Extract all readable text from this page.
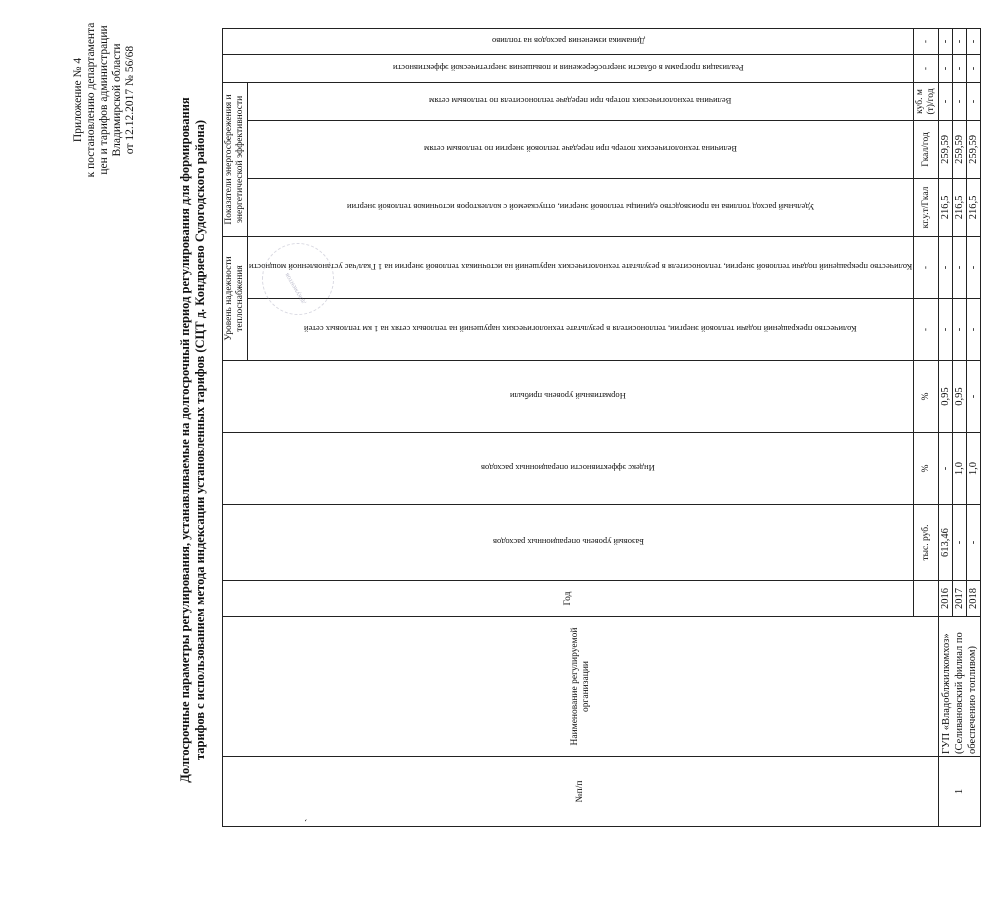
Приложение № 4 к постановлению департамента цен и тарифов администрации Владимирской области от 12.12.2017 № 56/68	Долгосрочные параметры регулирования, устанавливаемые на долгосрочный период регулирования для формирования тарифов с использованием метода индексации установленных тарифов (СЦТ д. Кондряево Судогодского района)
ˎ
№п/п	Наименование регулируемой организации	Год	Базовый уровень операционных расходов	Индекс эффективности операционных расходов	Нормативный уровень прибыли	Уровень надежности теплоснабжения		Показатели энергосбережения и энергетической эффективности			Реализация программ в области энергосбережения и повышения энергетической эффективности	Динамика изменения расходов на топливо

						Количество прекращений подачи тепловой энергии, теплоносителя в результате технологических нарушений на тепловых сетях на 1 км тепловых сетей	Количество прекращений подачи тепловой энергии, теплоносителя в результате технологических нарушений на источниках тепловой энергии на 1 Гкал/час установленной мощности	Удельный расход топлива на производство единицы тепловой энергии, отпускаемой с коллекторов источников тепловой энергии	Величина технологических потерь при передаче тепловой энергии по тепловым сетям	Величина технологических потерь при передаче теплоносителя по тепловым сетям		

			тыс. руб.	%	%	-	-	кг.у.т/Гкал	Гкал/год	куб. м (т)/год	-	-
1	ГУП «Владоблжилкомхоз» (Селивановский филиал по обеспечению топливом)	2016	613,46	-	0,95	-	-	216,5	259,59	-	-	-
		2017	-	1,0	0,95	-	-	216,5	259,59	-	-	-
		2018	-	1,0	-	-	-	216,5	259,59	-	-	-
документов
